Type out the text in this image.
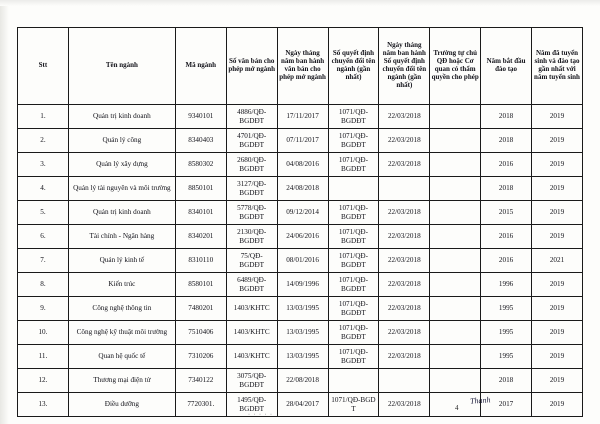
Stt	Tên ngành	Mã ngành	Số văn bản cho phép mở ngành	Ngày tháng năm ban hành văn bản cho phép mở ngành	Số quyết định chuyển đổi tên ngành (gần nhất)	Ngày tháng năm ban hành Số quyết định chuyển đổi tên ngành (gần nhất)	Trường tự chủ QĐ hoặc Cơ quan có thẩm quyền cho phép	Năm bắt đầu đào tạo	Năm đã tuyển sinh và đào tạo gần nhất với năm tuyển sinh
1.	Quản trị kinh doanh	9340101	4886/QĐ-BGDĐT	17/11/2017	1071/QĐ-BGDĐT	22/03/2018		2018	2019
2.	Quản lý công	8340403	4701/QĐ-BGDĐT	07/11/2017	1071/QĐ-BGDĐT	22/03/2018		2018	2019
3.	Quản lý xây dựng	8580302	2680/QĐ-BGDĐT	04/08/2016	1071/QĐ-BGDĐT	22/03/2018		2016	2019
4.	Quản lý tài nguyên và môi trường	8850101	3127/QĐ-BGDĐT	24/08/2018				2018	2019
5.	Quản trị kinh doanh	8340101	5778/QĐ-BGDĐT	09/12/2014	1071/QĐ-BGDĐT	22/03/2018		2015	2019
6.	Tài chính - Ngân hàng	8340201	2130/QĐ-BGDĐT	24/06/2016	1071/QĐ-BGDĐT	22/03/2018		2016	2019
7.	Quản lý kinh tế	8310110	75/QĐ-BGDĐT	08/01/2016	1071/QĐ-BGDĐT	22/03/2018		2016	2021
8.	Kiến trúc	8580101	6489/QĐ-BGDĐT	14/09/1996	1071/QĐ-BGDĐT	22/03/2018		1996	2019
9.	Công nghệ thông tin	7480201	1403/KHTC	13/03/1995	1071/QĐ-BGDĐT	22/03/2018		1995	2019
10.	Công nghệ kỹ thuật môi trường	7510406	1403/KHTC	13/03/1995	1071/QĐ-BGDĐT	22/03/2018		1995	2019
11.	Quan hệ quốc tế	7310206	1403/KHTC	13/03/1995	1071/QĐ-BGDĐT	22/03/2018		1995	2019
12.	Thương mại điện tử	7340122	3075/QĐ-BGDĐT	22/08/2018				2018	2019
13.	Điều dưỡng	7720301.	1495/QĐ-BGDĐT	28/04/2017	1071/QĐ-BGD T	22/03/2018		2017	2019
Thanh
4
· · · · ·
